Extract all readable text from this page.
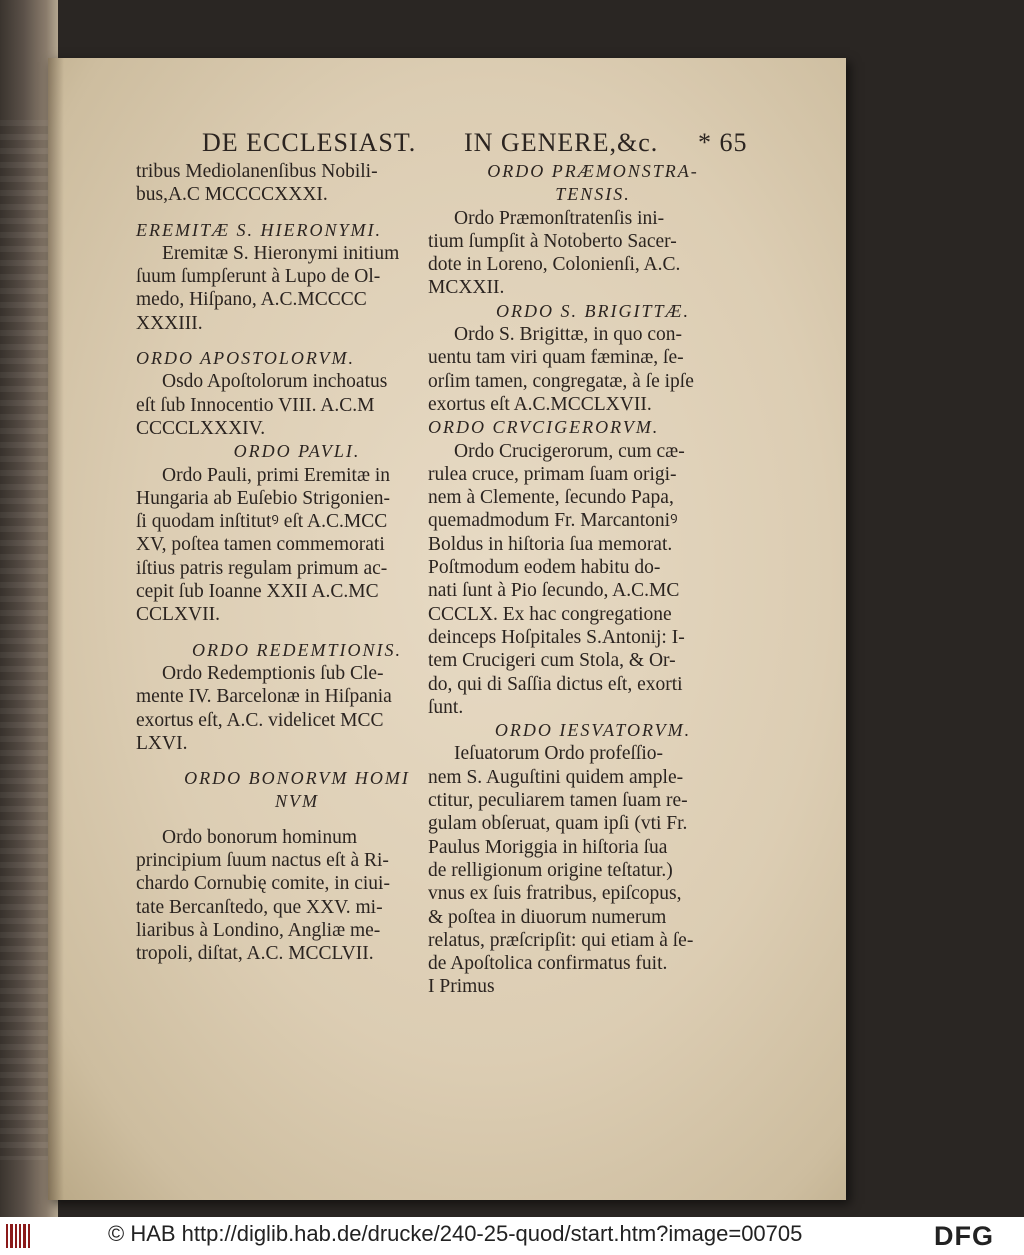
DE ECCLESIAST. IN GENERE,&c. * 65
tribus Mediolanenſibus Nobili-
bus,A.C MCCCCXXXI.
EREMITÆ S. HIERONYMI.
Eremitæ S. Hieronymi initium
ſuum ſumpſerunt à Lupo de Ol-
medo, Hiſpano, A.C.MCCCC
XXXIII.
ORDO APOSTOLORVM.
Osdo Apoſtolorum inchoatus
eſt ſub Innocentio VIII. A.C.M
CCCCLXXXIV.
ORDO PAVLI.
Ordo Pauli, primi Eremitæ in
Hungaria ab Euſebio Strigonien-
ſi quodam inſtitutꝰ eſt A.C.MCC
XV, poſtea tamen commemorati
iſtius patris regulam primum ac-
cepit ſub Ioanne XXII A.C.MC
CCLXVII.
ORDO REDEMTIONIS.
Ordo Redemptionis ſub Cle-
mente IV. Barcelonæ in Hiſpania
exortus eſt, A.C. videlicet MCC
LXVI.
ORDO BONORVM HOMI
NVM
Ordo bonorum hominum
principium ſuum nactus eſt à Ri-
chardo Cornubię comite, in ciui-
tate Bercanſtedo, que XXV. mi-
liaribus à Londino, Angliæ me-
tropoli, diſtat, A.C. MCCLVII.
ORDO PRÆMONSTRA-
TENSIS.
Ordo Præmonſtratenſis ini-
tium ſumpſit à Notoberto Sacer-
dote in Loreno, Colonienſi, A.C.
MCXXII.
ORDO S. BRIGITTÆ.
Ordo S. Brigittæ, in quo con-
uentu tam viri quam fæminæ, ſe-
orſim tamen, congregatæ, à ſe ipſe
exortus eſt A.C.MCCLXVII.
ORDO CRVCIGERORVM.
Ordo Crucigerorum, cum cæ-
rulea cruce, primam ſuam origi-
nem à Clemente, ſecundo Papa,
quemadmodum Fr. Marcantoniꝰ
Boldus in hiſtoria ſua memorat.
Poſtmodum eodem habitu do-
nati ſunt à Pio ſecundo, A.C.MC
CCCLX. Ex hac congregatione
deinceps Hoſpitales S.Antonij: I-
tem Crucigeri cum Stola, & Or-
do, qui di Saſſia dictus eſt, exorti
ſunt.
ORDO IESVATORVM.
Ieſuatorum Ordo profeſſio-
nem S. Auguſtini quidem ample-
ctitur, peculiarem tamen ſuam re-
gulam obſeruat, quam ipſi (vti Fr.
Paulus Moriggia in hiſtoria ſua
de relligionum origine teſtatur.)
vnus ex ſuis fratribus, epiſcopus,
& poſtea in diuorum numerum
relatus, præſcripſit: qui etiam à ſe-
de Apoſtolica confirmatus fuit.
I Primus
© HAB http://diglib.hab.de/drucke/240-25-quod/start.htm?image=00705	DFG
